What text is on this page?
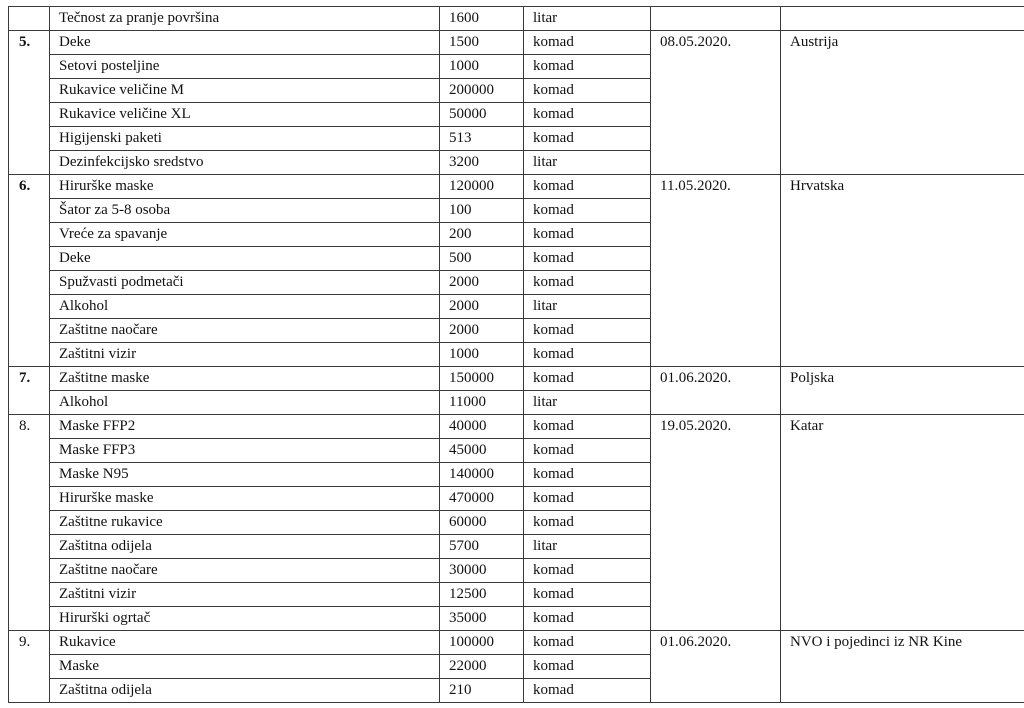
	Tečnost za pranje površina	1600	litar		
5.	Deke	1500	komad	08.05.2020.	Austrija
	Setovi posteljine	1000	komad		
	Rukavice veličine M	200000	komad		
	Rukavice veličine XL	50000	komad		
	Higijenski paketi	513	komad		
	Dezinfekcijsko sredstvo	3200	litar		
6.	Hirurške maske	120000	komad	11.05.2020.	Hrvatska
	Šator za 5-8 osoba	100	komad		
	Vreće za spavanje	200	komad		
	Deke	500	komad		
	Spužvasti podmetači	2000	komad		
	Alkohol	2000	litar		
	Zaštitne naočare	2000	komad		
	Zaštitni vizir	1000	komad		
7.	Zaštitne maske	150000	komad	01.06.2020.	Poljska
	Alkohol	11000	litar		
8.	Maske FFP2	40000	komad	19.05.2020.	Katar
	Maske FFP3	45000	komad		
	Maske N95	140000	komad		
	Hirurške maske	470000	komad		
	Zaštitne rukavice	60000	komad		
	Zaštitna odijela	5700	litar		
	Zaštitne naočare	30000	komad		
	Zaštitni vizir	12500	komad		
	Hirurški ogrtač	35000	komad		
9.	Rukavice	100000	komad	01.06.2020.	NVO i pojedinci iz NR Kine
	Maske	22000	komad		
	Zaštitna odijela	210	komad		
